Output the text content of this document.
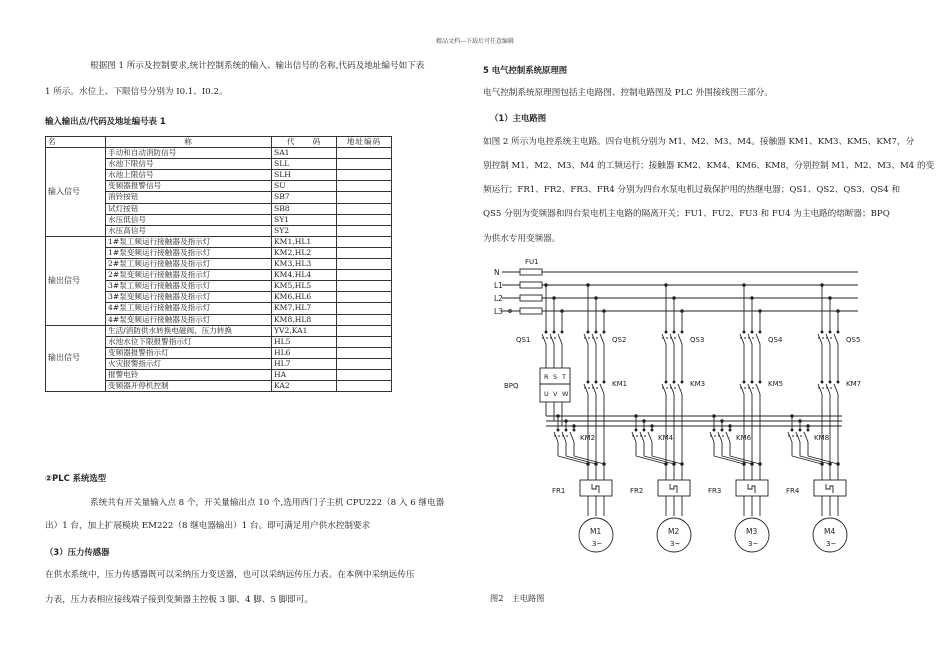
精品文档---下载后可任意编辑
根据图 1 所示及控制要求,统计控制系统的输入、输出信号的名称,代码及地址编号如下表
1 所示。水位上、下限信号分别为 I0.1、I0.2。
输入输出点/代码及地址编号表 1
名	称	代　　码	地址编码
输入信号	手动和自动消防信号	SA1	
	水池下限信号	SLL	
	水池上限信号	SLH	
	变频器报警信号	SU	
	消铃按钮	SB7	
	试灯按钮	SB8	
	水压低信号	SY1	
	水压高信号	SY2	
输出信号	1#泵工频运行接触器及指示灯	KM1,HL1	
	1#泵变频运行接触器及指示灯	KM2,HL2	
	2#泵工频运行接触器及指示灯	KM3,HL3	
	2#泵变频运行接触器及指示灯	KM4,HL4	
	3#泵工频运行接触器及指示灯	KM5,HL5	
	3#泵变频运行接触器及指示灯	KM6,HL6	
	4#泵工频运行接触器及指示灯	KM7,HL7	
	4#泵变频运行接触器及指示灯	KM8,HL8	
输出信号	生活/消防供水转换电磁阀、压力转换	YV2,KA1	
	水池水位下限报警指示灯	HL5	
	变频器报警指示灯	HL6	
	火灾报警指示灯	HL7	
	报警电铃	HA	
	变频器开停机控制	KA2	
②PLC 系统选型
系统共有开关量输入点 8 个，开关量输出点 10 个,选用西门子主机 CPU222（8 入 6 继电器
出）1 台，加上扩展模块 EM222（8 继电器输出）1 台。即可满足用户供水控制要求
（3）压力传感器
在供水系统中，压力传感器既可以采纳压力变送器，也可以采纳远传压力表。在本例中采纳远传压
力表，压力表相应接线端子接到变频器主控板 3 脚、4 脚、5 脚即可。
5 电气控制系统原理图
电气控制系统原理图包括主电路图、控制电路图及 PLC 外围接线图三部分。
（1）主电路图
如图 2 所示为电控系统主电路。四台电机分别为 M1、M2、M3、M4。接触器 KM1、KM3、KM5、KM7，分
别控制 M1、M2、M3、M4 的工频运行；接触器 KM2、KM4、KM6、KM8，分别控制 M1、M2、M3、M4 的变
频运行；FR1、FR2、FR3、FR4 分别为四台水泵电机过载保护用的热继电器；QS1、QS2、QS3、QS4 和
QS5 分别为变频器和四台泵电机主电路的隔离开关；FU1、FU2、FU3 和 FU4 为主电路的熔断器；BPQ
为供水专用变频器。
N
L1
L2
L3
FU1
QS1	QS2	QS3	QS4	QS5
BPQ
R S T
U V W
KM1
KM2
FR1
M1
3~
KM3
KM4
FR2
M2
3~
KM5
KM6
FR3
M3
3~
KM7
KM8
FR4
M4
3~
图2　主电路图
